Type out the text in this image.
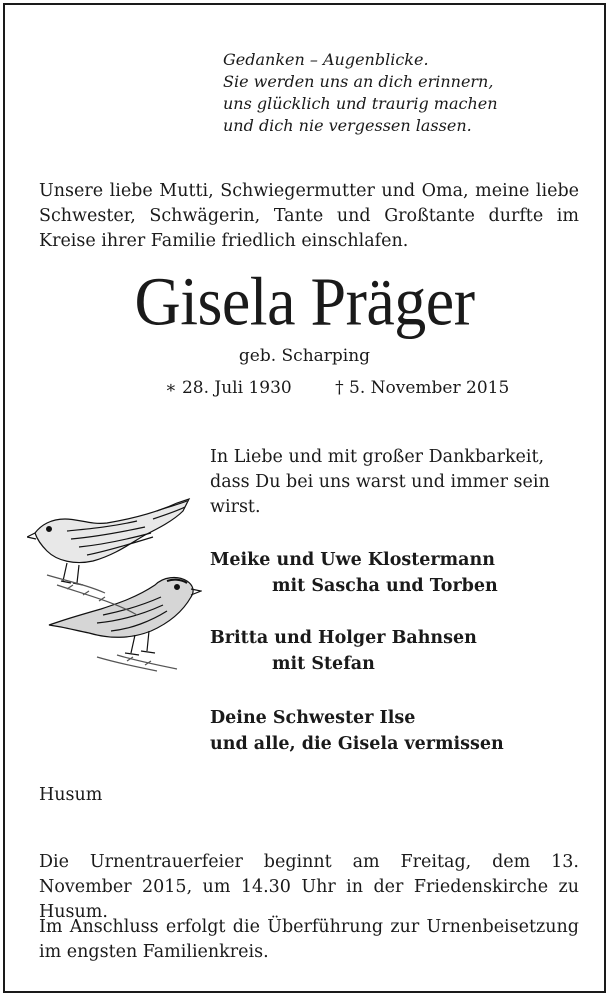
Gedanken – Augenblicke.
Sie werden uns an dich erinnern,
uns glücklich und traurig machen
und dich nie vergessen lassen.
Unsere liebe Mutti, Schwiegermutter und Oma, meine liebe Schwester, Schwägerin, Tante und Großtante durfte im Kreise ihrer Familie friedlich einschlafen.
Gisela Präger
geb. Scharping
∗ 28. Juli 1930	† 5. November 2015
In Liebe und mit großer Dankbarkeit, dass Du bei uns warst und immer sein wirst.
Meike und Uwe Klostermann
mit Sascha und Torben
Britta und Holger Bahnsen
mit Stefan
Deine Schwester Ilse
und alle, die Gisela vermissen
Husum
Die Urnentrauerfeier beginnt am Freitag, dem 13. November 2015, um 14.30 Uhr in der Friedenskirche zu Husum.
Im Anschluss erfolgt die Überführung zur Urnenbeisetzung im engsten Familienkreis.
